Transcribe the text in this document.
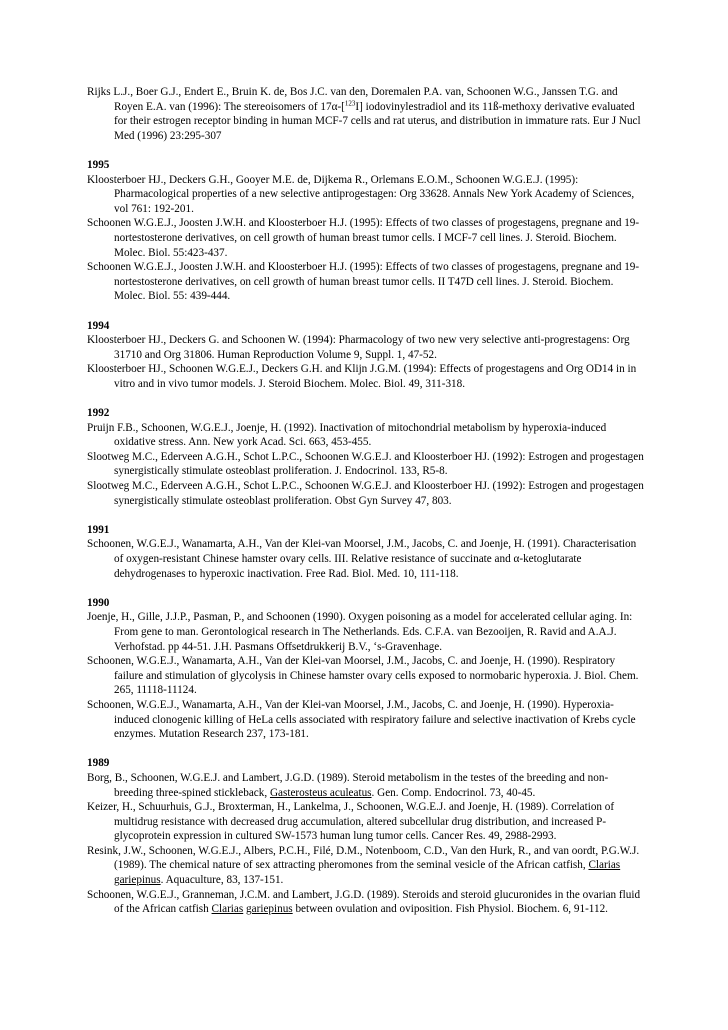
Rijks L.J., Boer G.J., Endert E., Bruin K. de, Bos J.C. van den, Doremalen P.A. van, Schoonen W.G., Janssen T.G. and Royen E.A. van (1996): The stereoisomers of 17α-[$^{123}$I] iodovinylestradiol and its 11ß-methoxy derivative evaluated for their estrogen receptor binding in human MCF-7 cells and rat uterus, and distribution in immature rats. Eur J Nucl Med (1996) 23:295-307
1995
Kloosterboer HJ., Deckers G.H., Gooyer M.E. de, Dijkema R., Orlemans E.O.M., Schoonen W.G.E.J. (1995): Pharmacological properties of a new selective antiprogestagen: Org 33628. Annals New York Academy of Sciences, vol 761: 192-201.
Schoonen W.G.E.J., Joosten J.W.H. and Kloosterboer H.J. (1995): Effects of two classes of progestagens, pregnane and 19-nortestosterone derivatives, on cell growth of human breast tumor cells. I MCF-7 cell lines. J. Steroid. Biochem. Molec. Biol. 55:423-437.
Schoonen W.G.E.J., Joosten J.W.H. and Kloosterboer H.J. (1995): Effects of two classes of progestagens, pregnane and 19-nortestosterone derivatives, on cell growth of human breast tumor cells. II T47D cell lines. J. Steroid. Biochem. Molec. Biol. 55: 439-444.
1994
Kloosterboer HJ., Deckers G. and Schoonen W. (1994): Pharmacology of two new very selective anti-progrestagens: Org 31710 and Org 31806. Human Reproduction Volume 9, Suppl. 1, 47-52.
Kloosterboer HJ., Schoonen W.G.E.J., Deckers G.H. and Klijn J.G.M. (1994): Effects of progestagens and Org OD14 in in vitro and in vivo tumor models. J. Steroid Biochem. Molec. Biol. 49, 311-318.
1992
Pruijn F.B., Schoonen, W.G.E.J., Joenje, H. (1992). Inactivation of mitochondrial metabolism by hyperoxia-induced oxidative stress. Ann. New york Acad. Sci. 663, 453-455.
Slootweg M.C., Ederveen A.G.H., Schot L.P.C., Schoonen W.G.E.J. and Kloosterboer HJ. (1992): Estrogen and progestagen synergistically stimulate osteoblast proliferation. J. Endocrinol. 133, R5-8.
Slootweg M.C., Ederveen A.G.H., Schot L.P.C., Schoonen W.G.E.J. and Kloosterboer HJ. (1992): Estrogen and progestagen synergistically stimulate osteoblast proliferation. Obst Gyn Survey 47, 803.
1991
Schoonen, W.G.E.J., Wanamarta, A.H., Van der Klei-van Moorsel, J.M., Jacobs, C. and Joenje, H. (1991). Characterisation of oxygen-resistant Chinese hamster ovary cells. III. Relative resistance of succinate and α-ketoglutarate dehydrogenases to hyperoxic inactivation. Free Rad. Biol. Med. 10, 111-118.
1990
Joenje, H., Gille, J.J.P., Pasman, P., and Schoonen (1990). Oxygen poisoning as a model for accelerated cellular aging. In: From gene to man. Gerontological research in The Netherlands. Eds. C.F.A. van Bezooijen, R. Ravid and A.A.J. Verhofstad. pp 44-51. J.H. Pasmans Offsetdrukkerij B.V., ‘s-Gravenhage.
Schoonen, W.G.E.J., Wanamarta, A.H., Van der Klei-van Moorsel, J.M., Jacobs, C. and Joenje, H. (1990). Respiratory failure and stimulation of glycolysis in Chinese hamster ovary cells exposed to normobaric hyperoxia. J. Biol. Chem. 265, 11118-11124.
Schoonen, W.G.E.J., Wanamarta, A.H., Van der Klei-van Moorsel, J.M., Jacobs, C. and Joenje, H. (1990). Hyperoxia-induced clonogenic killing of HeLa cells associated with respiratory failure and selective inactivation of Krebs cycle enzymes. Mutation Research 237, 173-181.
1989
Borg, B., Schoonen, W.G.E.J. and Lambert, J.G.D. (1989). Steroid metabolism in the testes of the breeding and non-breeding three-spined stickleback, Gasterosteus aculeatus. Gen. Comp. Endocrinol. 73, 40-45.
Keizer, H., Schuurhuis, G.J., Broxterman, H., Lankelma, J., Schoonen, W.G.E.J. and Joenje, H. (1989). Correlation of multidrug resistance with decreased drug accumulation, altered subcellular drug distribution, and increased P-glycoprotein expression in cultured SW-1573 human lung tumor cells. Cancer Res. 49, 2988-2993.
Resink, J.W., Schoonen, W.G.E.J., Albers, P.C.H., Filé, D.M., Notenboom, C.D., Van den Hurk, R., and van oordt, P.G.W.J. (1989). The chemical nature of sex attracting pheromones from the seminal vesicle of the African catfish, Clarias gariepinus. Aquaculture, 83, 137-151.
Schoonen, W.G.E.J., Granneman, J.C.M. and Lambert, J.G.D. (1989). Steroids and steroid glucuronides in the ovarian fluid of the African catfish Clarias gariepinus between ovulation and oviposition. Fish Physiol. Biochem. 6, 91-112.
